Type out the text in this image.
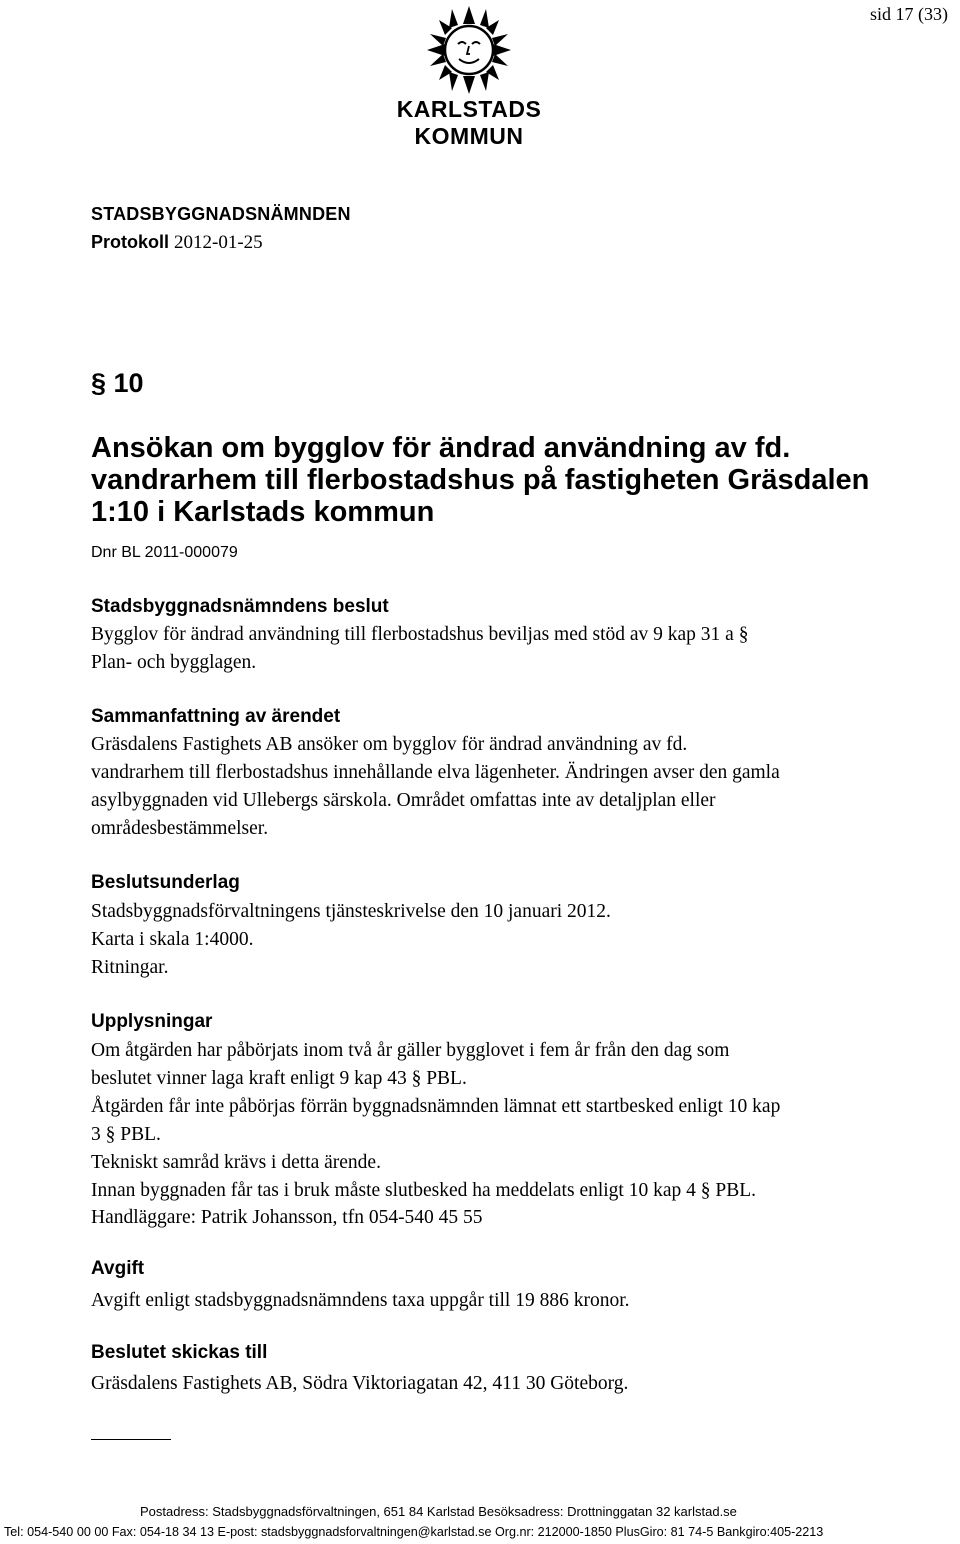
sid 17 (33)
KARLSTADS KOMMUN
STADSBYGGNADSNÄMNDEN
Protokoll 2012-01-25
§ 10
Ansökan om bygglov för ändrad användning av fd. vandrarhem till flerbostadshus på fastigheten Gräsdalen 1:10 i Karlstads kommun
Dnr BL 2011-000079
Stadsbyggnadsnämndens beslut

Bygglov för ändrad användning till flerbostadshus beviljas med stöd av 9 kap 31 a §

Plan- och bygglagen.

Sammanfattning av ärendet

Gräsdalens Fastighets AB ansöker om bygglov för ändrad användning av fd.

vandrarhem till flerbostadshus innehållande elva lägenheter. Ändringen avser den gamla

asylbyggnaden vid Ullebergs särskola. Området omfattas inte av detaljplan eller

områdesbestämmelser.

Beslutsunderlag

Stadsbyggnadsförvaltningens tjänsteskrivelse den 10 januari 2012.

Karta i skala 1:4000.

Ritningar.

Upplysningar

Om åtgärden har påbörjats inom två år gäller bygglovet i fem år från den dag som

beslutet vinner laga kraft enligt 9 kap 43 § PBL.

Åtgärden får inte påbörjas förrän byggnadsnämnden lämnat ett startbesked enligt 10 kap

3 § PBL.

Tekniskt samråd krävs i detta ärende.

Innan byggnaden får tas i bruk måste slutbesked ha meddelats enligt 10 kap 4 § PBL.

Handläggare: Patrik Johansson, tfn 054-540 45 55

Avgift

Avgift enligt stadsbyggnadsnämndens taxa uppgår till 19 886 kronor.

Beslutet skickas till

Gräsdalens Fastighets AB, Södra Viktoriagatan 42, 411 30 Göteborg.

Postadress: Stadsbyggnadsförvaltningen, 651 84 Karlstad Besöksadress: Drottninggatan 32 karlstad.se
Tel: 054-540 00 00 Fax: 054-18 34 13 E-post: stadsbyggnadsforvaltningen@karlstad.se Org.nr: 212000-1850 PlusGiro: 81 74-5 Bankgiro:405-2213
